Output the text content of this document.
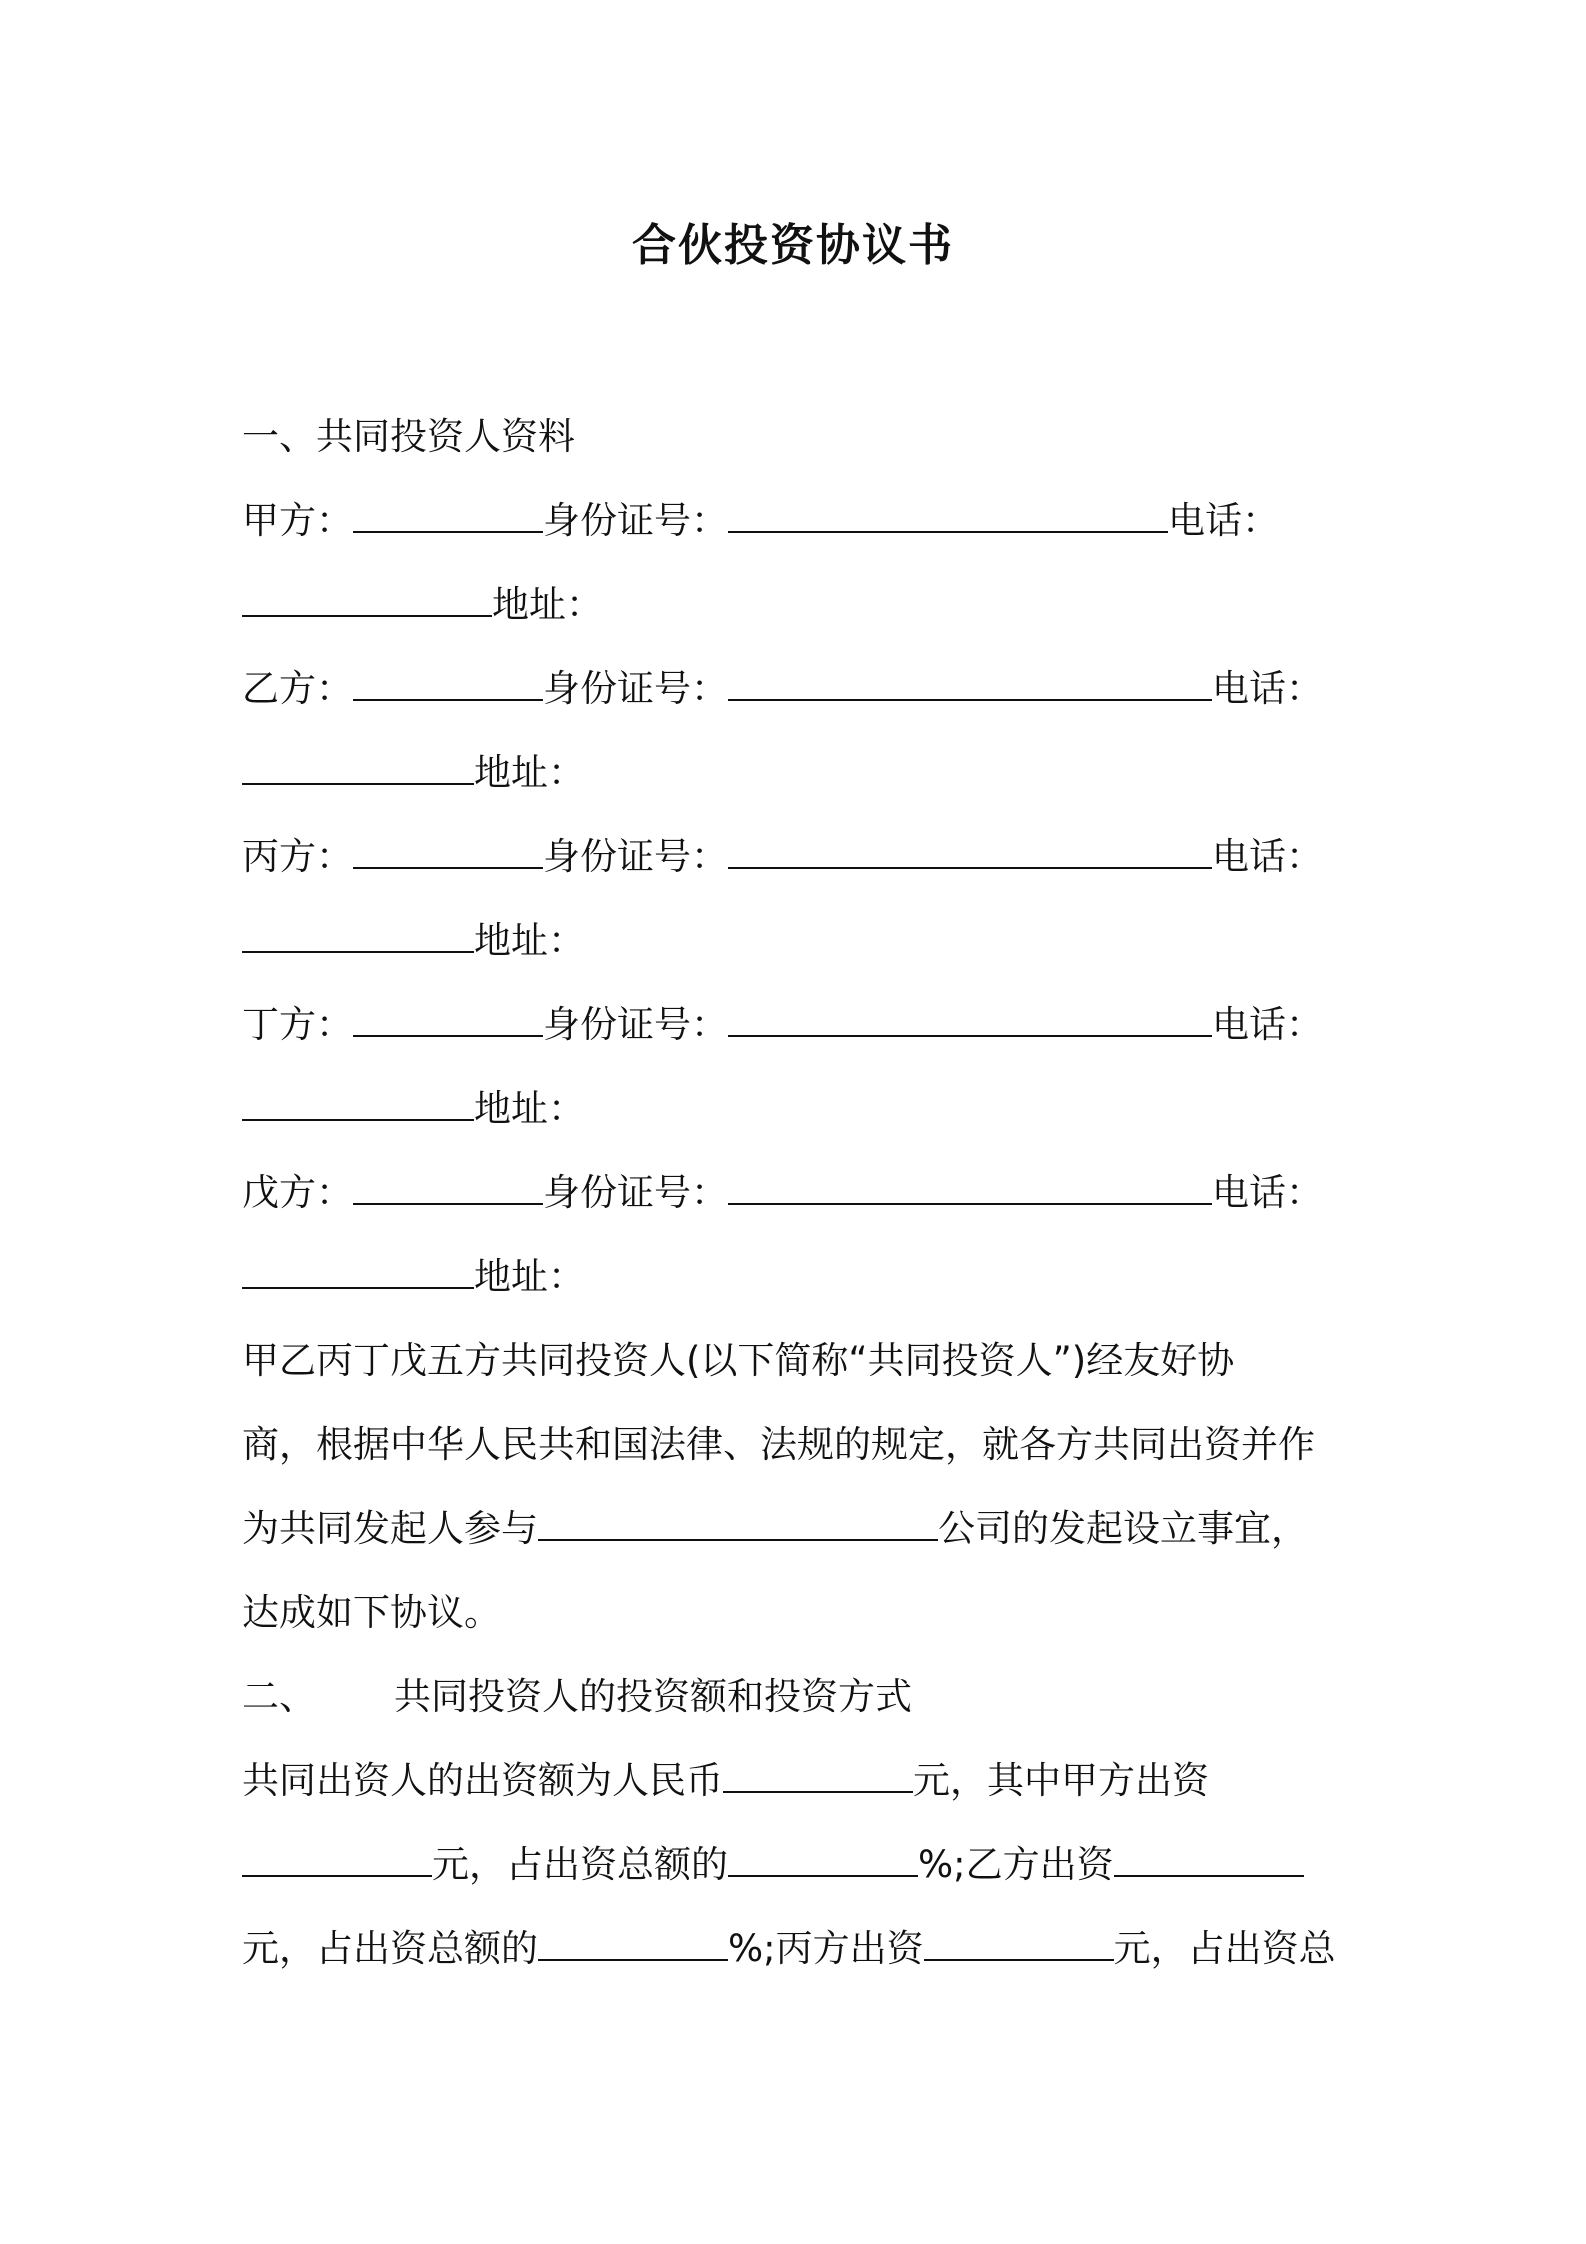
合伙投资协议书
一、共同投资人资料
甲方：	身份证号：	电话：
地址：
乙方：	身份证号：	电话：
地址：
丙方：	身份证号：	电话：
地址：
丁方：	身份证号：	电话：
地址：
戊方：	身份证号：	电话：
地址：
甲乙丙丁戊五方共同投资人(以下简称“共同投资人”)经友好协
商，根据中华人民共和国法律、法规的规定，就各方共同出资并作
为共同发起人参与	公司的发起设立事宜，
达成如下协议。
二、 共同投资人的投资额和投资方式
共同出资人的出资额为人民币	元，其中甲方出资
元，占出资总额的	%;乙方出资
元，占出资总额的	%;丙方出资	元，占出资总
